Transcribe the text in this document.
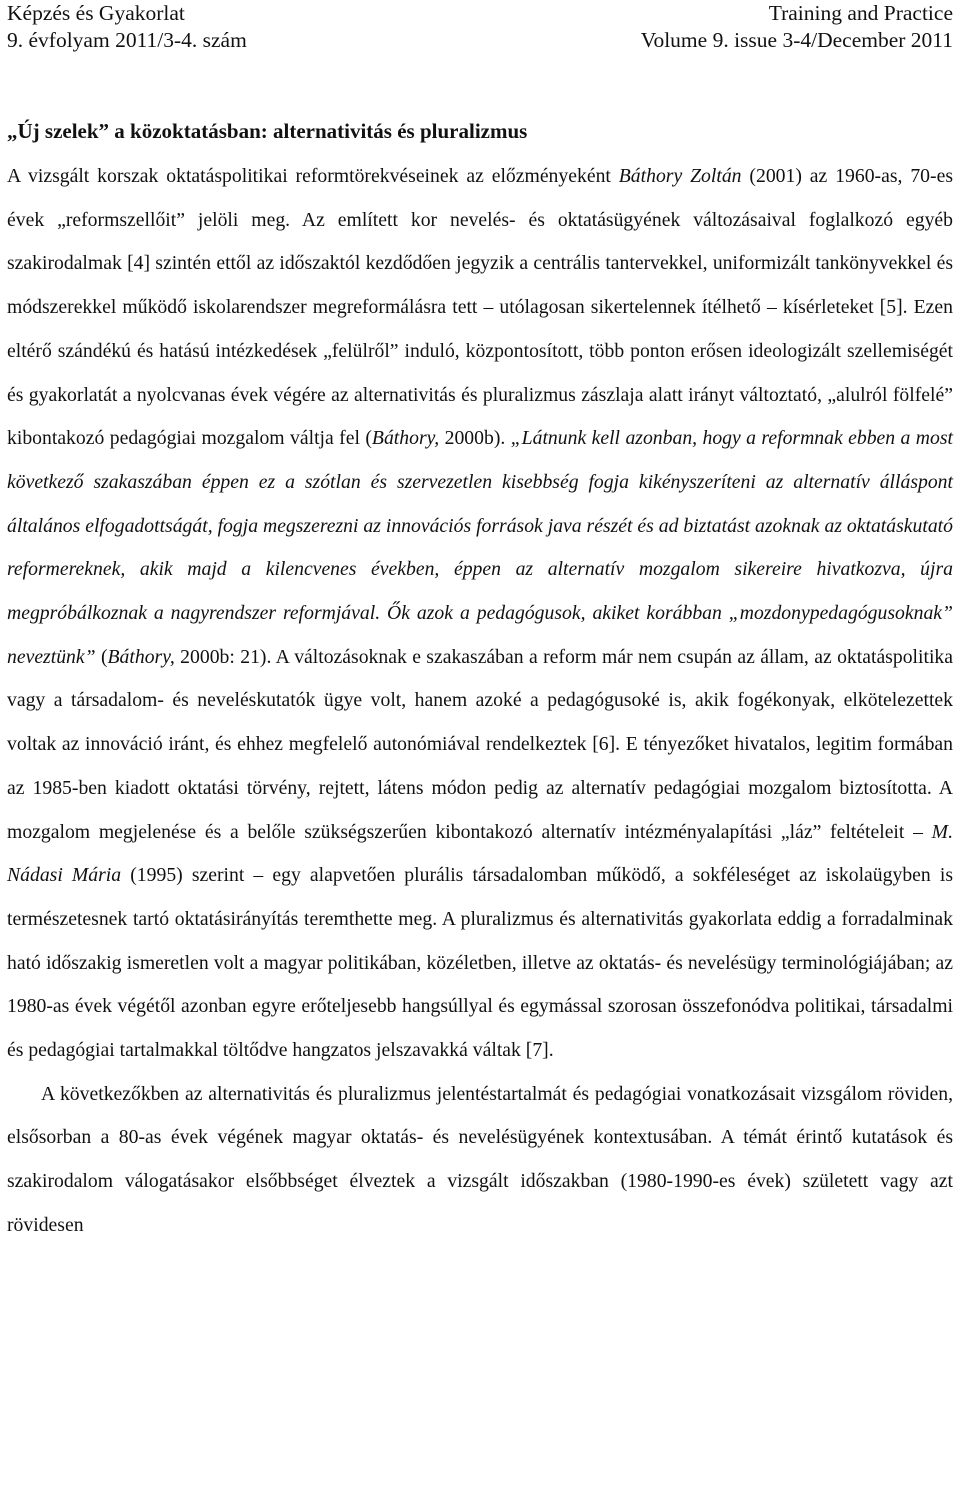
Képzés és Gyakorlat	Training and Practice
9. évfolyam 2011/3-4. szám	Volume 9. issue 3-4/December 2011
„Új szelek” a közoktatásban: alternativitás és pluralizmus

A vizsgált korszak oktatáspolitikai reformtörekvéseinek az előzményeként Báthory Zoltán (2001) az 1960-as, 70-es évek „reformszellőit” jelöli meg. Az említett kor nevelés- és oktatásügyének változásaival foglalkozó egyéb szakirodalmak [4] szintén ettől az időszaktól kezdődően jegyzik a centrális tantervekkel, uniformizált tankönyvekkel és módszerekkel működő iskolarendszer megreformálásra tett – utólagosan sikertelennek ítélhető – kísérleteket [5]. Ezen eltérő szándékú és hatású intézkedések „felülről” induló, központosított, több ponton erősen ideologizált szellemiségét és gyakorlatát a nyolcvanas évek végére az alternativitás és pluralizmus zászlaja alatt irányt változtató, „alulról fölfelé” kibontakozó pedagógiai mozgalom váltja fel (Báthory, 2000b). „Látnunk kell azonban, hogy a reformnak ebben a most következő szakaszában éppen ez a szótlan és szervezetlen kisebbség fogja kikényszeríteni az alternatív álláspont általános elfogadottságát, fogja megszerezni az innovációs források java részét és ad biztatást azoknak az oktatáskutató reformereknek, akik majd a kilencvenes években, éppen az alternatív mozgalom sikereire hivatkozva, újra megpróbálkoznak a nagyrendszer reformjával. Ők azok a pedagógusok, akiket korábban „mozdonypedagógusoknak” neveztünk” (Báthory, 2000b: 21). A változásoknak e szakaszában a reform már nem csupán az állam, az oktatáspolitika vagy a társadalom- és neveléskutatók ügye volt, hanem azoké a pedagógusoké is, akik fogékonyak, elkötelezettek voltak az innováció iránt, és ehhez megfelelő autonómiával rendelkeztek [6]. E tényezőket hivatalos, legitim formában az 1985-ben kiadott oktatási törvény, rejtett, látens módon pedig az alternatív pedagógiai mozgalom biztosította. A mozgalom megjelenése és a belőle szükségszerűen kibontakozó alternatív intézményalapítási „láz” feltételeit – M. Nádasi Mária (1995) szerint – egy alapvetően plurális társadalomban működő, a sokféleséget az iskolaügyben is természetesnek tartó oktatásirányítás teremthette meg. A pluralizmus és alternativitás gyakorlata eddig a forradalminak ható időszakig ismeretlen volt a magyar politikában, közéletben, illetve az oktatás- és nevelésügy terminológiájában; az 1980-as évek végétől azonban egyre erőteljesebb hangsúllyal és egymással szorosan összefonódva politikai, társadalmi és pedagógiai tartalmakkal töltődve hangzatos jelszavakká váltak [7].

A következőkben az alternativitás és pluralizmus jelentéstartalmát és pedagógiai vonatkozásait vizsgálom röviden, elsősorban a 80-as évek végének magyar oktatás- és nevelésügyének kontextusában. A témát érintő kutatások és szakirodalom válogatásakor elsőbbséget élveztek a vizsgált időszakban (1980-1990-es évek) született vagy azt rövidesen
